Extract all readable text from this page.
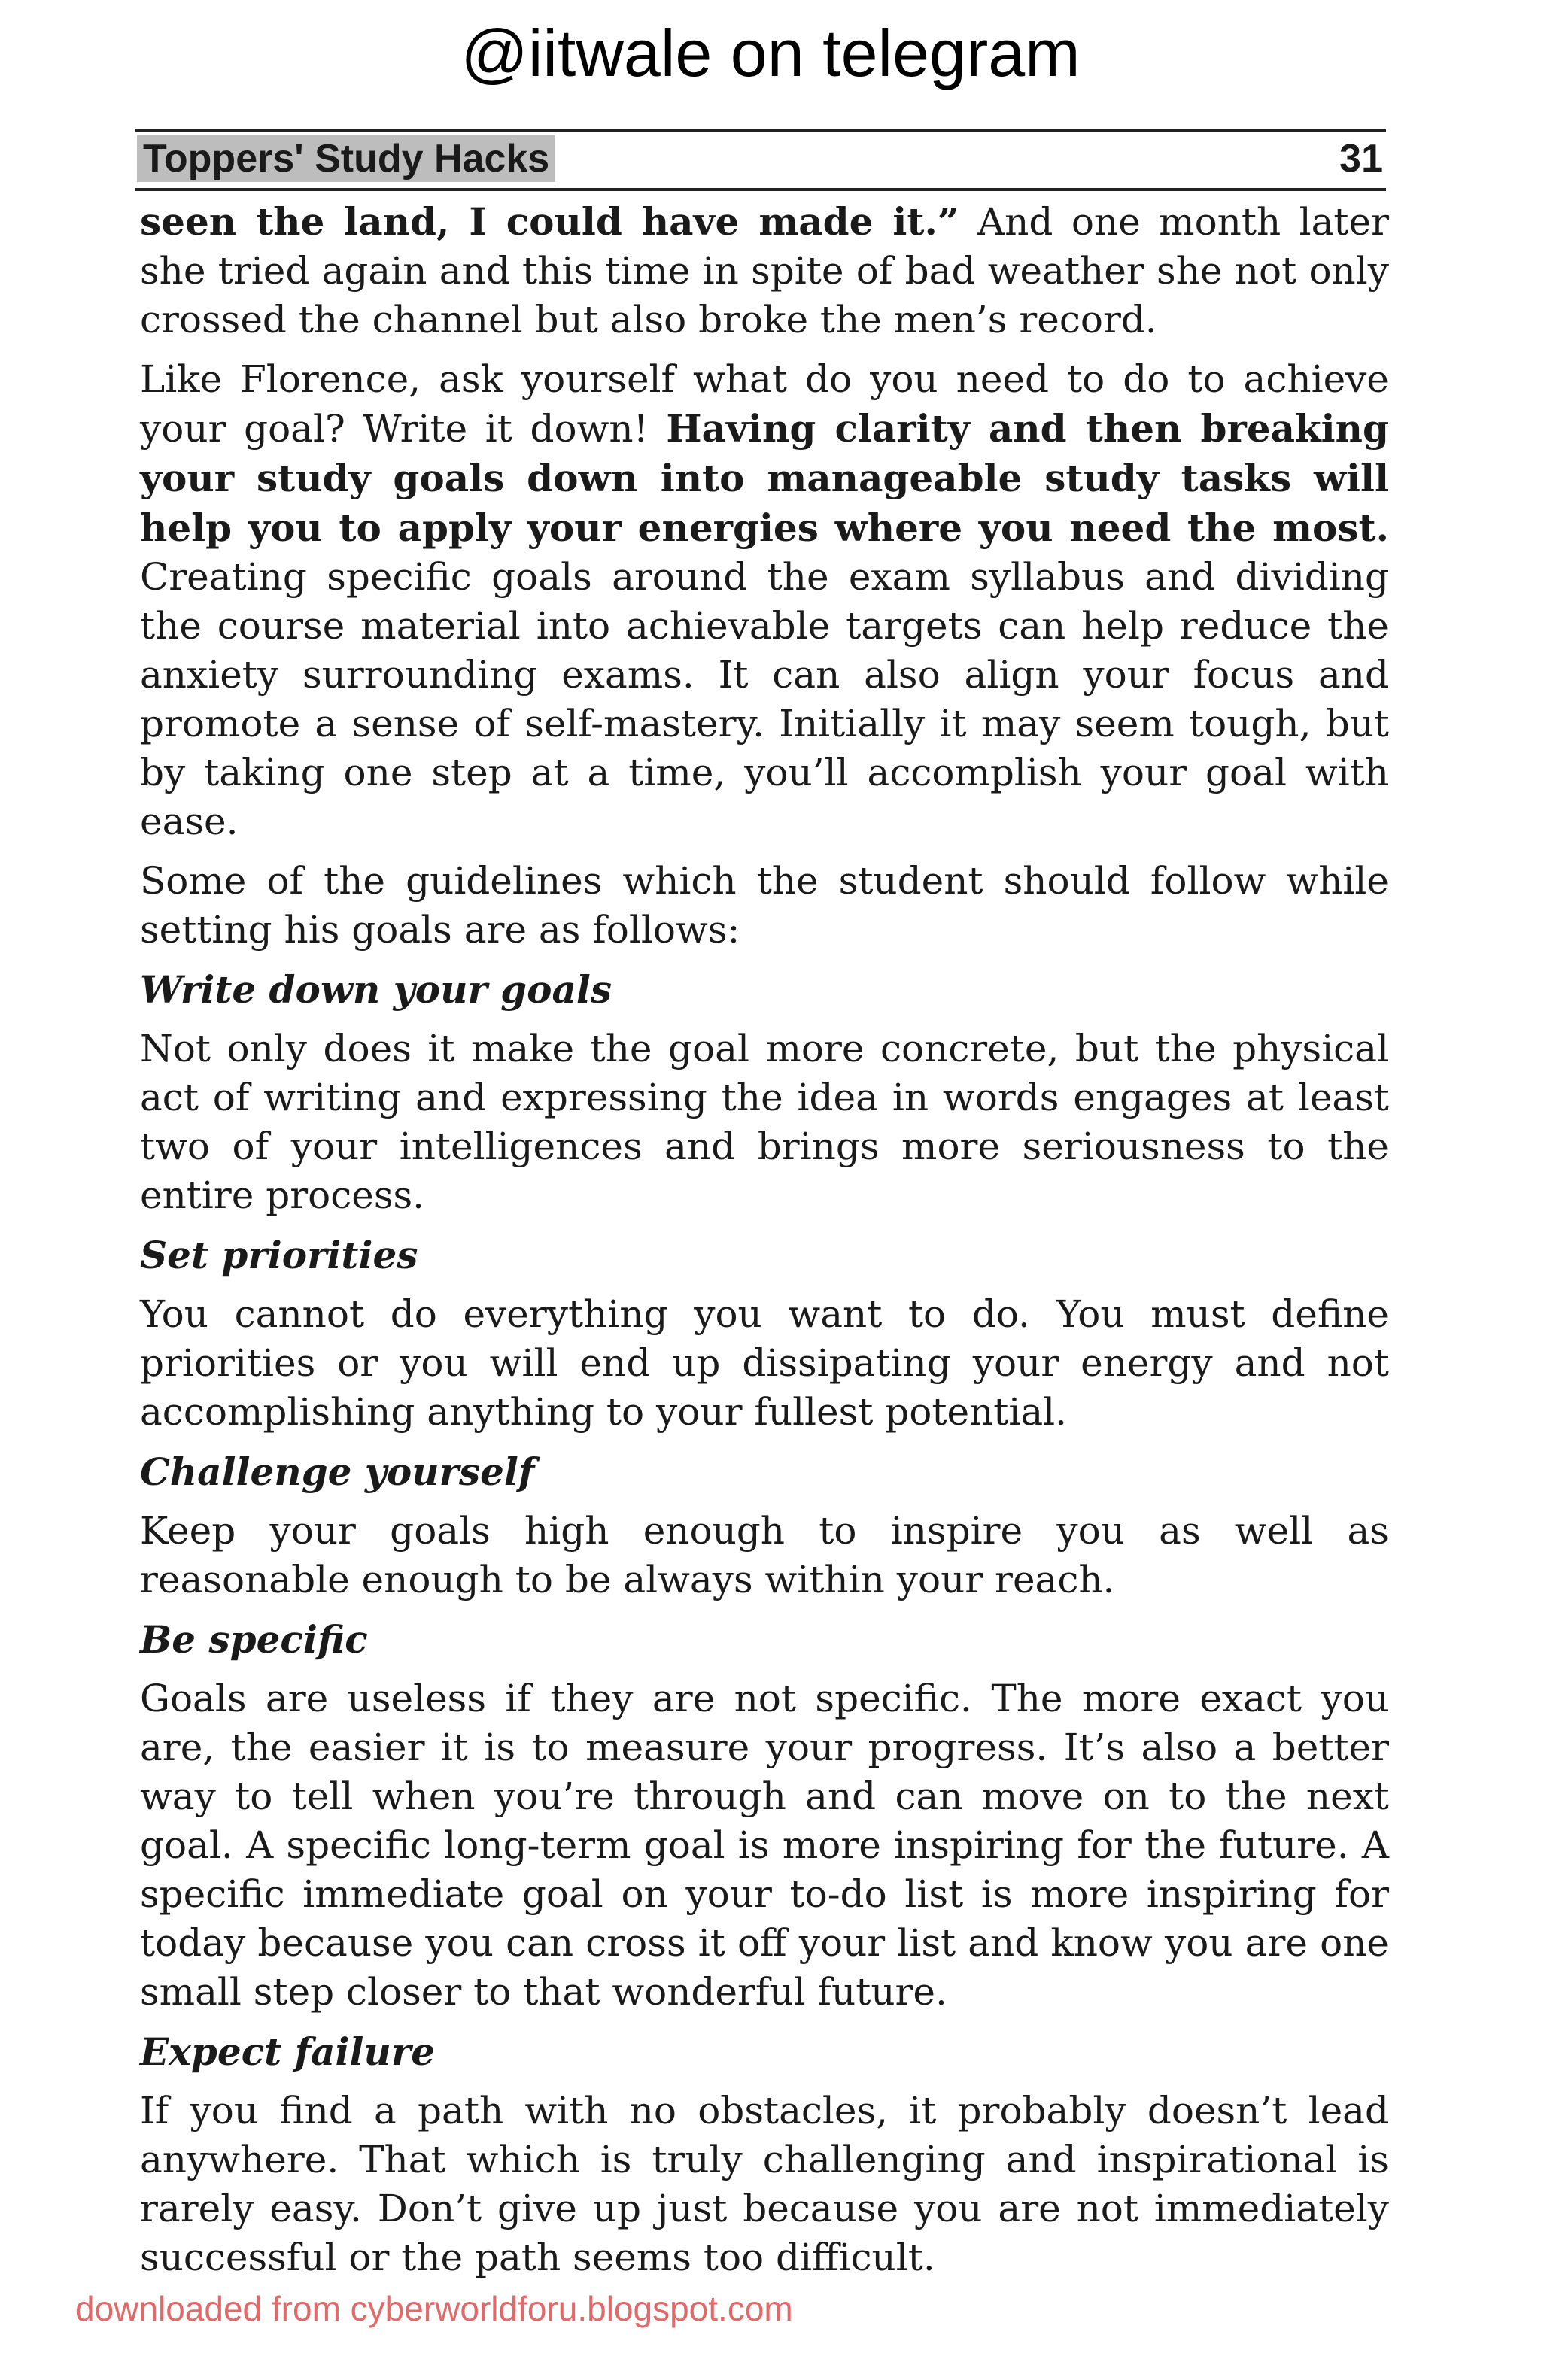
@iitwale on telegram
Toppers' Study Hacks	31

seen the land, I could have made it.” And one month later she tried again and this time in spite of bad weather she not only crossed the channel but also broke the men’s record.

Like Florence, ask yourself what do you need to do to achieve your goal? Write it down! Having clarity and then breaking your study goals down into manageable study tasks will help you to apply your energies where you need the most. Creating specific goals around the exam syllabus and dividing the course material into achievable targets can help reduce the anxiety surrounding exams. It can also align your focus and promote a sense of self-mastery. Initially it may seem tough, but by taking one step at a time, you’ll accomplish your goal with ease.

Some of the guidelines which the student should follow while setting his goals are as follows:

Write down your goals

Not only does it make the goal more concrete, but the physical act of writing and expressing the idea in words engages at least two of your intelligences and brings more seriousness to the entire process.

Set priorities

You cannot do everything you want to do. You must define priorities or you will end up dissipating your energy and not accomplishing anything to your fullest potential.

Challenge yourself

Keep your goals high enough to inspire you as well as reasonable enough to be always within your reach.

Be specific

Goals are useless if they are not specific. The more exact you are, the easier it is to measure your progress. It’s also a better way to tell when you’re through and can move on to the next goal. A specific long-term goal is more inspiring for the future. A specific immediate goal on your to-do list is more inspiring for today because you can cross it off your list and know you are one small step closer to that wonderful future.

Expect failure

If you find a path with no obstacles, it probably doesn’t lead anywhere. That which is truly challenging and inspirational is rarely easy. Don’t give up just because you are not immediately successful or the path seems too difficult.

downloaded from cyberworldforu.blogspot.com
